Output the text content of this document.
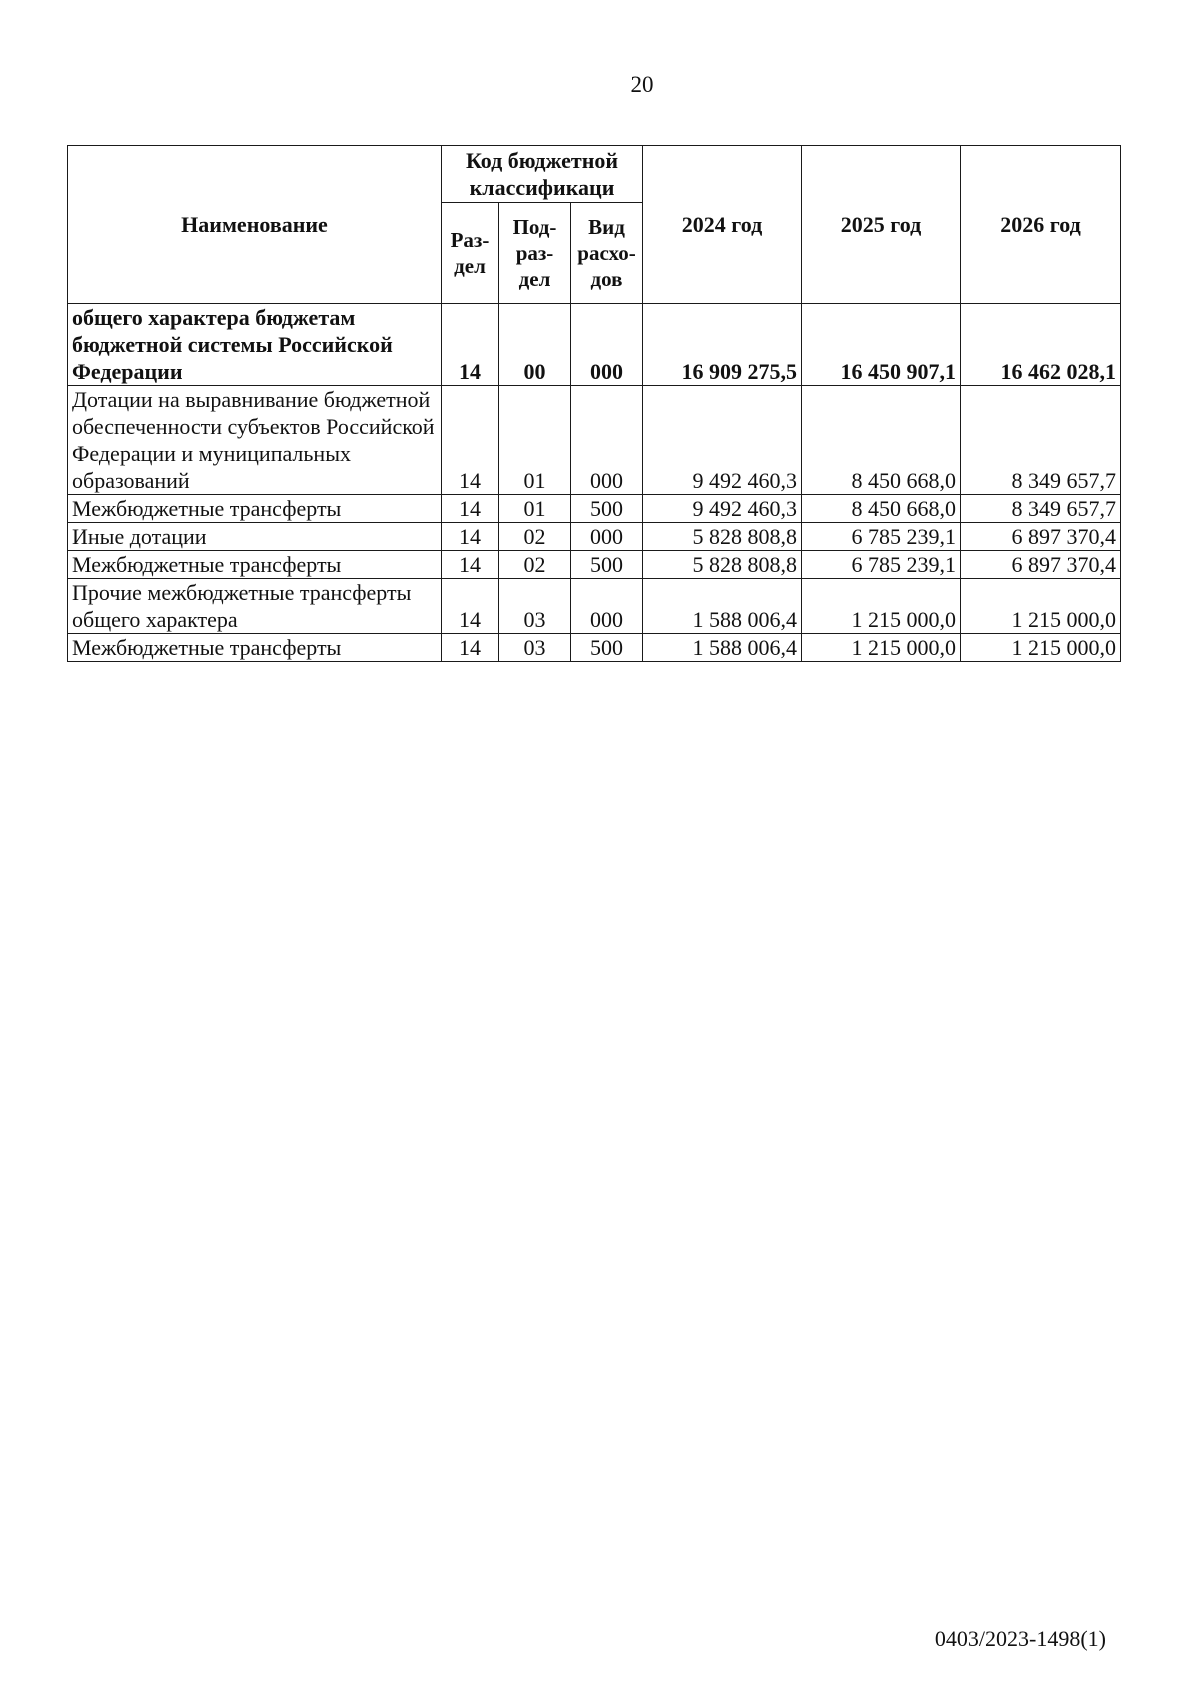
20
Наименование	Код бюджетной классификаци			2024 год	2025 год	2026 год
	Раз-дел	Под-раз-дел	Вид расхо-дов			
общего характера бюджетам бюджетной системы Российской Федерации	14	00	000	16 909 275,5	16 450 907,1	16 462 028,1
Дотации на выравнивание бюджетной обеспеченности субъектов Российской Федерации и муниципальных образований	14	01	000	9 492 460,3	8 450 668,0	8 349 657,7
Межбюджетные трансферты	14	01	500	9 492 460,3	8 450 668,0	8 349 657,7
Иные дотации	14	02	000	5 828 808,8	6 785 239,1	6 897 370,4
Межбюджетные трансферты	14	02	500	5 828 808,8	6 785 239,1	6 897 370,4
Прочие межбюджетные трансферты общего характера	14	03	000	1 588 006,4	1 215 000,0	1 215 000,0
Межбюджетные трансферты	14	03	500	1 588 006,4	1 215 000,0	1 215 000,0
0403/2023-1498(1)
